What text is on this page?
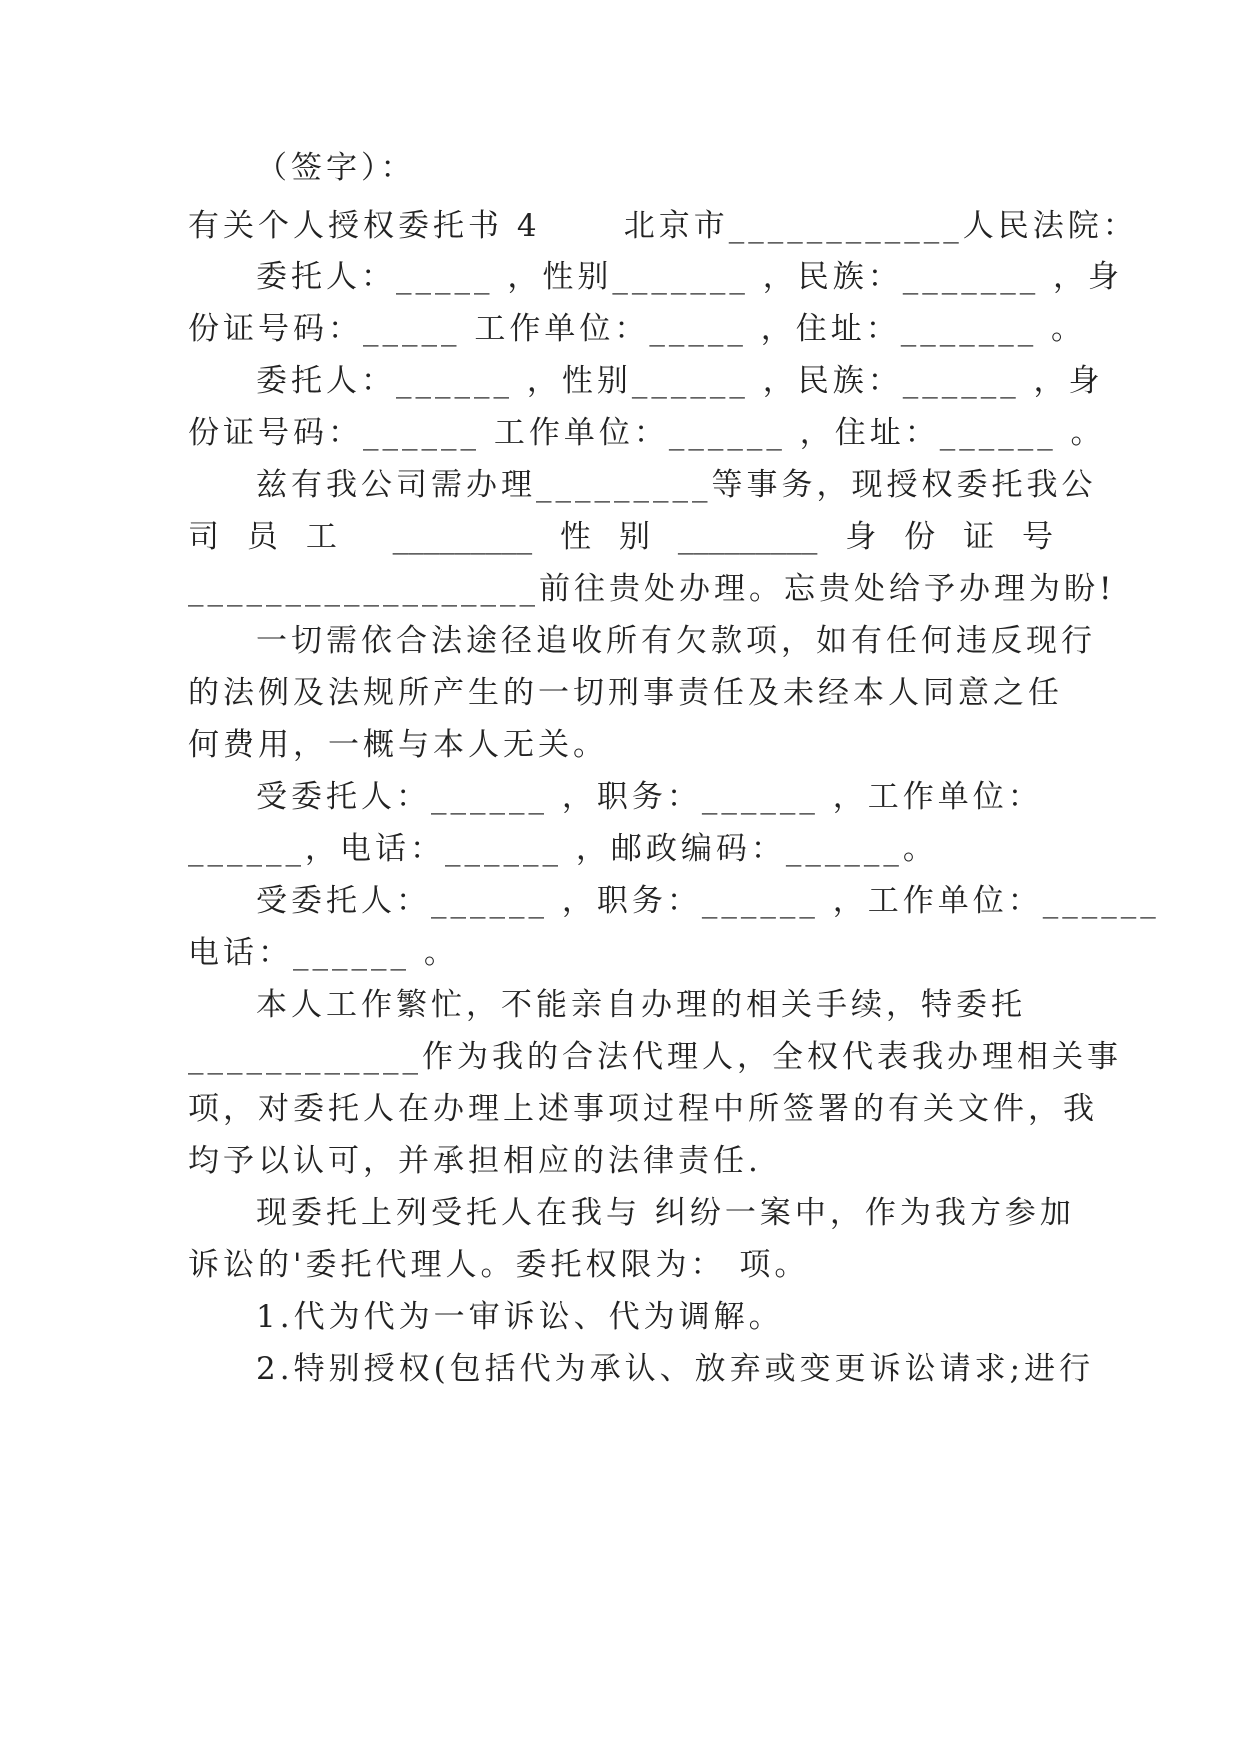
（签字）：
有关个人授权委托书 4      北京市____________人民法院：
委托人：_____ ，性别_______ ，民族：_______ ，身
份证号码：_____ 工作单位：_____ ，住址：_______ 。
委托人：______ ，性别______ ，民族：______ ，身
份证号码：______ 工作单位：______ ，住址：______ 。
兹有我公司需办理_________等事务，现授权委托我公
司 员 工 _________ 性 别 _________ 身 份 证 号
__________________前往贵处办理。忘贵处给予办理为盼!
一切需依合法途径追收所有欠款项，如有任何违反现行
的法例及法规所产生的一切刑事责任及未经本人同意之任
何费用，一概与本人无关。
受委托人：______ ，职务：______ ，工作单位：
______，电话：______ ，邮政编码：______。
受委托人：______ ，职务：______ ，工作单位：______
电话：______ 。
本人工作繁忙，不能亲自办理的相关手续，特委托
____________作为我的合法代理人，全权代表我办理相关事
项，对委托人在办理上述事项过程中所签署的有关文件，我
均予以认可，并承担相应的法律责任.
现委托上列受托人在我与 纠纷一案中，作为我方参加
诉讼的'委托代理人。委托权限为： 项。
1.代为代为一审诉讼、代为调解。
2.特别授权(包括代为承认、放弃或变更诉讼请求;进行
